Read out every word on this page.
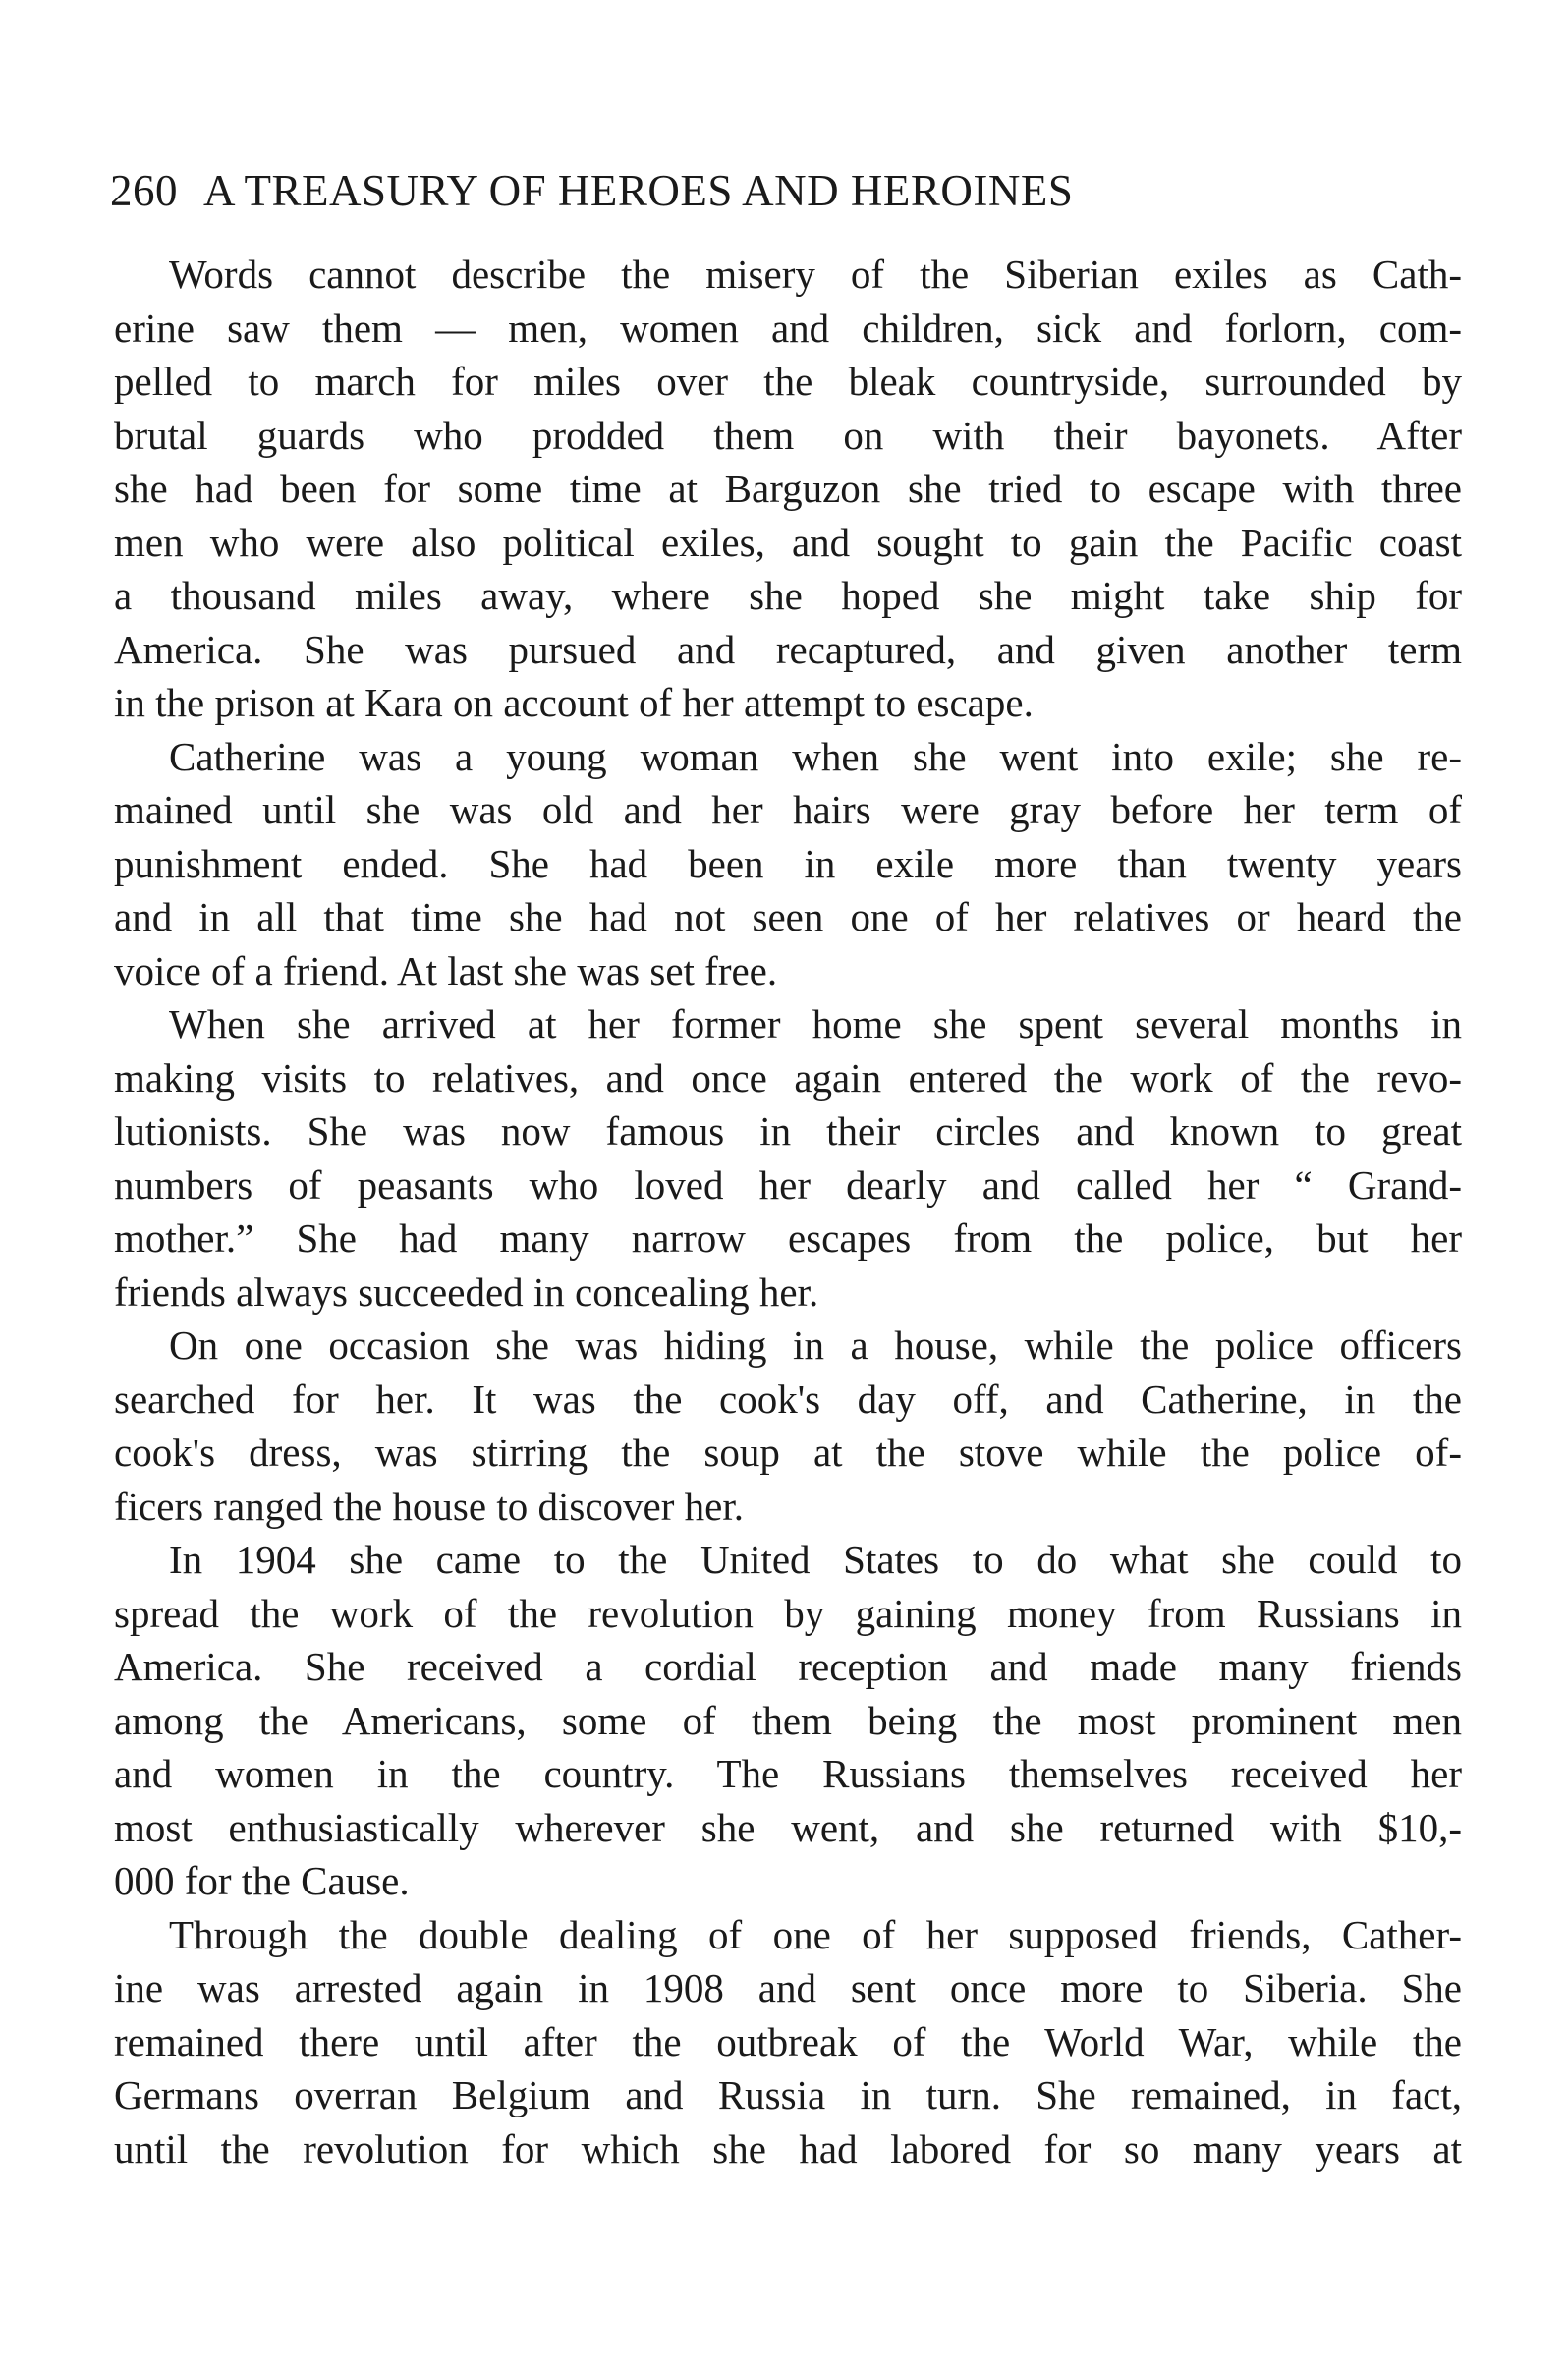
260 A TREASURY OF HEROES AND HEROINES
Words cannot describe the misery of the Siberian exiles as Cath-
erine saw them — men, women and children, sick and forlorn, com-
pelled to march for miles over the bleak countryside, surrounded by
brutal guards who prodded them on with their bayonets. After
she had been for some time at Barguzon she tried to escape with three
men who were also political exiles, and sought to gain the Pacific coast
a thousand miles away, where she hoped she might take ship for
America. She was pursued and recaptured, and given another term
in the prison at Kara on account of her attempt to escape.
Catherine was a young woman when she went into exile; she re-
mained until she was old and her hairs were gray before her term of
punishment ended. She had been in exile more than twenty years
and in all that time she had not seen one of her relatives or heard the
voice of a friend. At last she was set free.
When she arrived at her former home she spent several months in
making visits to relatives, and once again entered the work of the revo-
lutionists. She was now famous in their circles and known to great
numbers of peasants who loved her dearly and called her “ Grand-
mother.” She had many narrow escapes from the police, but her
friends always succeeded in concealing her.
On one occasion she was hiding in a house, while the police officers
searched for her. It was the cook's day off, and Catherine, in the
cook's dress, was stirring the soup at the stove while the police of-
ficers ranged the house to discover her.
In 1904 she came to the United States to do what she could to
spread the work of the revolution by gaining money from Russians in
America. She received a cordial reception and made many friends
among the Americans, some of them being the most prominent men
and women in the country. The Russians themselves received her
most enthusiastically wherever she went, and she returned with $10,-
000 for the Cause.
Through the double dealing of one of her supposed friends, Cather-
ine was arrested again in 1908 and sent once more to Siberia. She
remained there until after the outbreak of the World War, while the
Germans overran Belgium and Russia in turn. She remained, in fact,
until the revolution for which she had labored for so many years at
